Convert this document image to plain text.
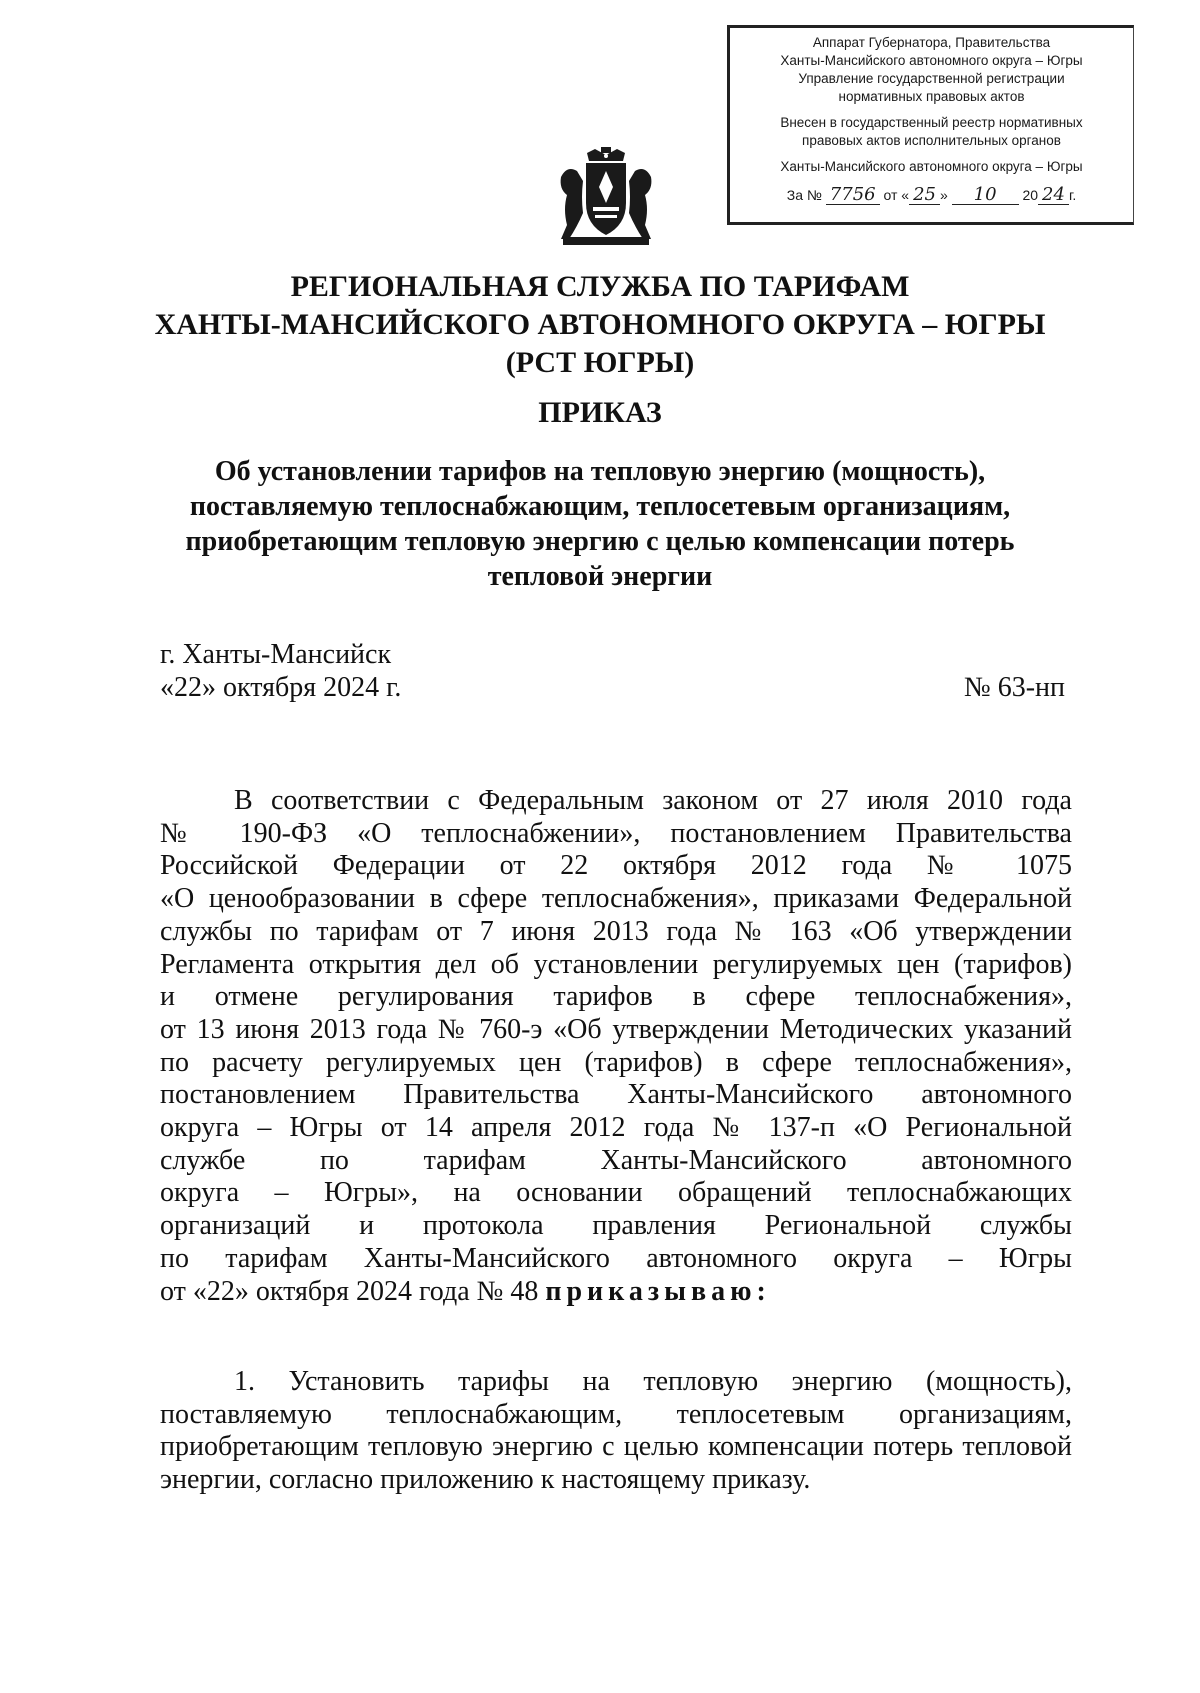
Аппарат Губернатора, Правительства
Ханты-Мансийского автономного округа – Югры
Управление государственной регистрации
нормативных правовых актов
Внесен в государственный реестр нормативных
правовых актов исполнительных органов
Ханты-Мансийского автономного округа – Югры
За №
7756
от « 25 »
	10
	20 24 г.
РЕГИОНАЛЬНАЯ СЛУЖБА ПО ТАРИФАМ
ХАНТЫ-МАНСИЙСКОГО АВТОНОМНОГО ОКРУГА – ЮГРЫ
(РСТ ЮГРЫ)
ПРИКАЗ
Об установлении тарифов на тепловую энергию (мощность),
поставляемую теплоснабжающим, теплосетевым организациям,
приобретающим тепловую энергию с целью компенсации потерь
тепловой энергии
г. Ханты-Мансийск
«22» октября 2024 г.	№ 63-нп
В соответствии с Федеральным законом от 27 июля 2010 года
№ 190-ФЗ «О теплоснабжении», постановлением Правительства
Российской Федерации от 22 октября 2012 года № 1075
«О ценообразовании в сфере теплоснабжения», приказами Федеральной
службы по тарифам от 7 июня 2013 года № 163 «Об утверждении
Регламента открытия дел об установлении регулируемых цен (тарифов)
и отмене регулирования тарифов в сфере теплоснабжения»,
от 13 июня 2013 года № 760-э «Об утверждении Методических указаний
по расчету регулируемых цен (тарифов) в сфере теплоснабжения»,
постановлением Правительства Ханты-Мансийского автономного
округа – Югры от 14 апреля 2012 года № 137-п «О Региональной
службе по тарифам Ханты-Мансийского автономного
округа – Югры», на основании обращений теплоснабжающих
организаций и протокола правления Региональной службы
по тарифам Ханты-Мансийского автономного округа – Югры
от «22» октября 2024 года № 48 приказываю:
1. Установить тарифы на тепловую энергию (мощность),
поставляемую теплоснабжающим, теплосетевым организациям,
приобретающим тепловую энергию с целью компенсации потерь тепловой
энергии, согласно приложению к настоящему приказу.
